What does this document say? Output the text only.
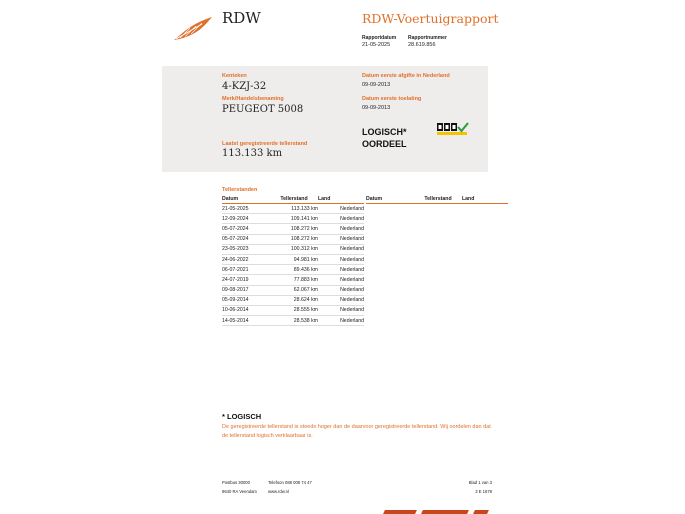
RDW	RDW-Voertuigrapport
Rapportdatum
21-05-2025
Rapportnummer
28.619.856
Kenteken
4-KZJ-32
Merk/Handelsbenaming
PEUGEOT 5008
Laatst geregistreerde tellerstand
113.133 km
Datum eerste afgifte in Nederland
09-09-2013
Datum eerste toelating
09-09-2013
LOGISCH*
OORDEEL
Tellerstanden
Datum	Tellerstand	Land
21-05-2025	113.133 km	Nederland
12-09-2024	109.141 km	Nederland
05-07-2024	108.272 km	Nederland
05-07-2024	108.272 km	Nederland
23-05-2023	100.312 km	Nederland
24-06-2022	94.981 km	Nederland
06-07-2021	89.436 km	Nederland
24-07-2019	77.883 km	Nederland
09-08-2017	62.067 km	Nederland
05-09-2014	28.624 km	Nederland
10-06-2014	28.555 km	Nederland
14-05-2014	28.538 km	Nederland
Datum	Tellerstand	Land
* LOGISCH
De geregistreerde tellerstand is steeds hoger dan de daarvoor geregistreerde tellerstand. Wij oordelen dan dat de tellerstand logisch verklaarbaar is.
Postbus 30000
9640 RA Veendam
Telefoon 088 008 74 47
www.rdw.nl
Blad 1 van 3
3 E 1678
